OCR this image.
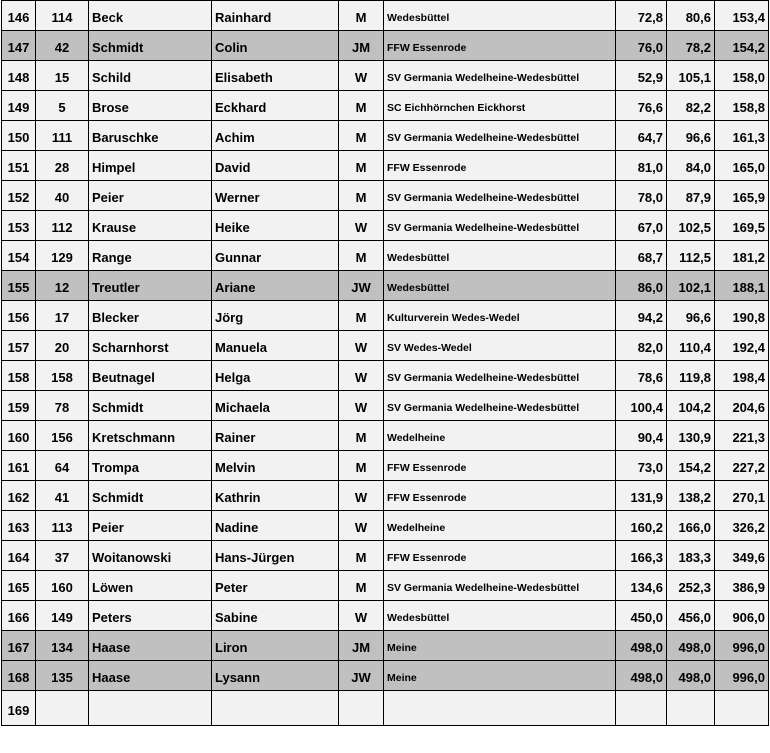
146	114	Beck	Rainhard	M	Wedesbüttel	72,8	80,6	153,4
147	42	Schmidt	Colin	JM	FFW Essenrode	76,0	78,2	154,2
148	15	Schild	Elisabeth	W	SV Germania Wedelheine-Wedesbüttel	52,9	105,1	158,0
149	5	Brose	Eckhard	M	SC Eichhörnchen Eickhorst	76,6	82,2	158,8
150	111	Baruschke	Achim	M	SV Germania Wedelheine-Wedesbüttel	64,7	96,6	161,3
151	28	Himpel	David	M	FFW Essenrode	81,0	84,0	165,0
152	40	Peier	Werner	M	SV Germania Wedelheine-Wedesbüttel	78,0	87,9	165,9
153	112	Krause	Heike	W	SV Germania Wedelheine-Wedesbüttel	67,0	102,5	169,5
154	129	Range	Gunnar	M	Wedesbüttel	68,7	112,5	181,2
155	12	Treutler	Ariane	JW	Wedesbüttel	86,0	102,1	188,1
156	17	Blecker	Jörg	M	Kulturverein Wedes-Wedel	94,2	96,6	190,8
157	20	Scharnhorst	Manuela	W	SV Wedes-Wedel	82,0	110,4	192,4
158	158	Beutnagel	Helga	W	SV Germania Wedelheine-Wedesbüttel	78,6	119,8	198,4
159	78	Schmidt	Michaela	W	SV Germania Wedelheine-Wedesbüttel	100,4	104,2	204,6
160	156	Kretschmann	Rainer	M	Wedelheine	90,4	130,9	221,3
161	64	Trompa	Melvin	M	FFW Essenrode	73,0	154,2	227,2
162	41	Schmidt	Kathrin	W	FFW Essenrode	131,9	138,2	270,1
163	113	Peier	Nadine	W	Wedelheine	160,2	166,0	326,2
164	37	Woitanowski	Hans-Jürgen	M	FFW Essenrode	166,3	183,3	349,6
165	160	Löwen	Peter	M	SV Germania Wedelheine-Wedesbüttel	134,6	252,3	386,9
166	149	Peters	Sabine	W	Wedesbüttel	450,0	456,0	906,0
167	134	Haase	Liron	JM	Meine	498,0	498,0	996,0
168	135	Haase	Lysann	JW	Meine	498,0	498,0	996,0
169								
